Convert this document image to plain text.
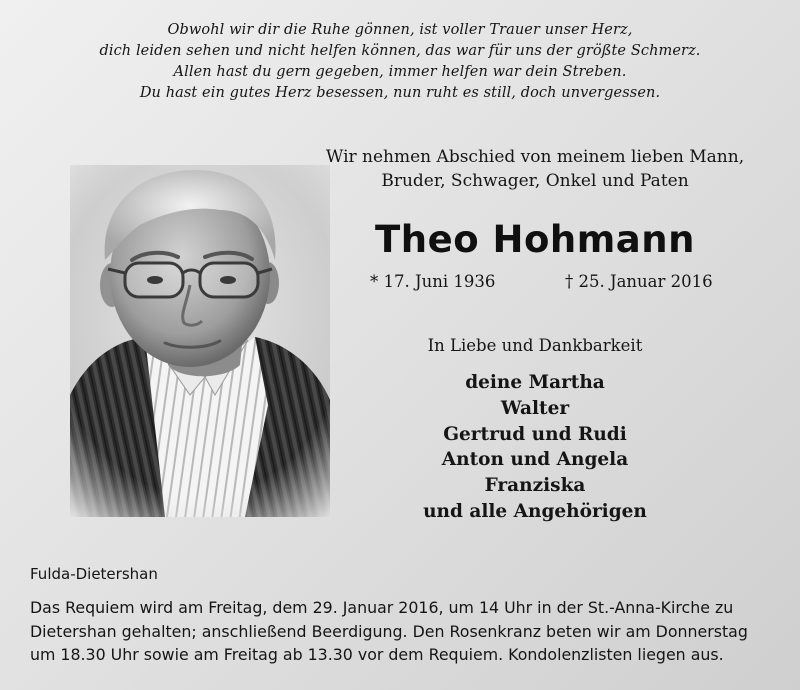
Obwohl wir dir die Ruhe gönnen, ist voller Trauer unser Herz,
dich leiden sehen und nicht helfen können, das war für uns der größte Schmerz.
Allen hast du gern gegeben, immer helfen war dein Streben.
Du hast ein gutes Herz besessen, nun ruht es still, doch unvergessen.
Wir nehmen Abschied von meinem lieben Mann,
Bruder, Schwager, Onkel und Paten
Theo Hohmann
* 17. Juni 1936	† 25. Januar 2016
In Liebe und Dankbarkeit
deine Martha
Walter
Gertrud und Rudi
Anton und Angela
Franziska
und alle Angehörigen
Fulda-Dietershan
Das Requiem wird am Freitag, dem 29. Januar 2016, um 14 Uhr in der St.-Anna-Kirche zu
Dietershan gehalten; anschließend Beerdigung. Den Rosenkranz beten wir am Donnerstag
um 18.30 Uhr sowie am Freitag ab 13.30 vor dem Requiem. Kondolenzlisten liegen aus.
